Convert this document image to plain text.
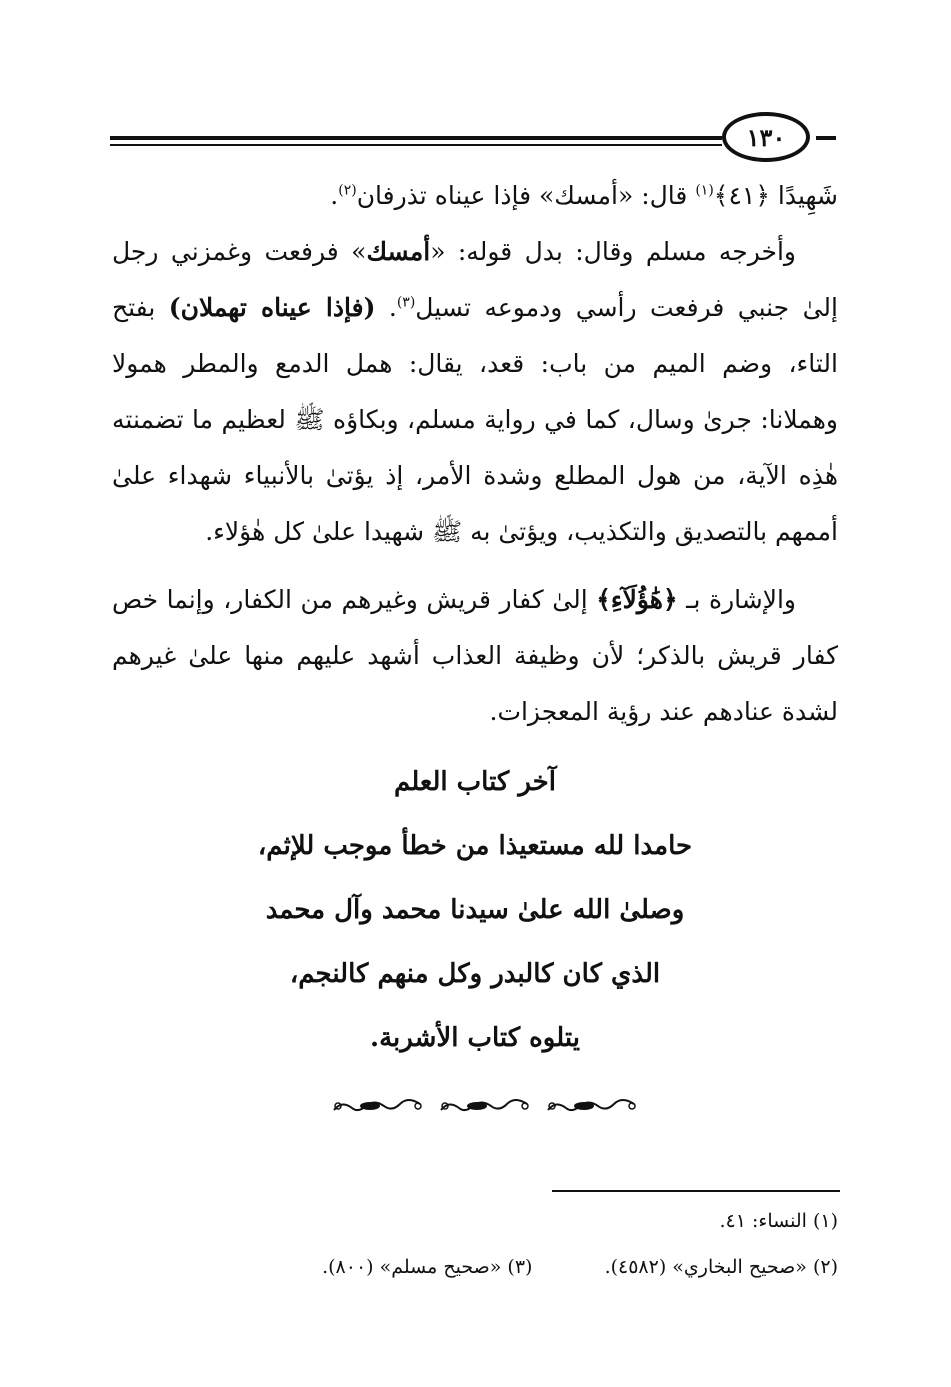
١٣٠

شَهِيدًا ﴿٤١﴾$^{(١)}$ قال: «أمسك» فإذا عيناه تذرفان$^{(٢)}$.

وأخرجه مسلم وقال: بدل قوله: «أمسك» فرفعت وغمزني رجل إلىٰ جنبي فرفعت رأسي ودموعه تسيل$^{(٣)}$. (فإذا عيناه تهملان) بفتح التاء، وضم الميم من باب: قعد، يقال: همل الدمع والمطر همولا وهملانا: جرىٰ وسال، كما في رواية مسلم، وبكاؤه ﷺ لعظيم ما تضمنته هٰذِه الآية، من هول المطلع وشدة الأمر، إذ يؤتىٰ بالأنبياء شهداء علىٰ أممهم بالتصديق والتكذيب، ويؤتىٰ به ﷺ شهيدا علىٰ كل هٰؤلاء.

والإشارة بـ ﴿هَٰؤُلَآءِ﴾ إلىٰ كفار قريش وغيرهم من الكفار، وإنما خص كفار قريش بالذكر؛ لأن وظيفة العذاب أشهد عليهم منها علىٰ غيرهم لشدة عنادهم عند رؤية المعجزات.

آخر كتاب العلم
حامدا لله مستعيذا من خطأ موجب للإثم،
وصلىٰ الله علىٰ سيدنا محمد وآل محمد
الذي كان كالبدر وكل منهم كالنجم،
يتلوه كتاب الأشربة.

(١) النساء: ٤١.

(٢) «صحيح البخاري» (٤٥٨٢).  (٣) «صحيح مسلم» (٨٠٠).
